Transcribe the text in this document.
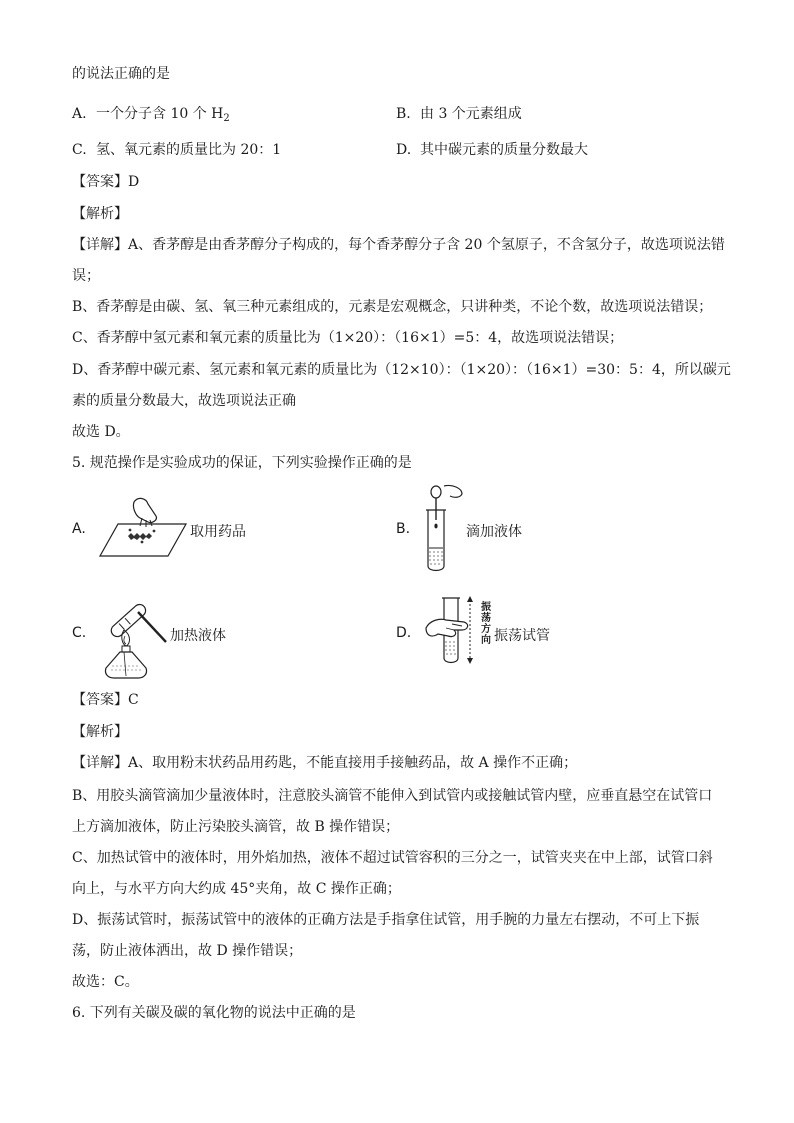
的说法正确的是
A. 一个分子含 10 个 $H_2$	B. 由 3 个元素组成
C. 氢、氧元素的质量比为 20：1	D. 其中碳元素的质量分数最大
【答案】D
【解析】
【详解】A、香茅醇是由香茅醇分子构成的，每个香茅醇分子含 20 个氢原子，不含氢分子，故选项说法错
误；
B、香茅醇是由碳、氢、氧三种元素组成的，元素是宏观概念，只讲种类，不论个数，故选项说法错误；
C、香茅醇中氢元素和氧元素的质量比为（1×20）：（16×1）=5：4，故选项说法错误；
D、香茅醇中碳元素、氢元素和氧元素的质量比为（12×10）：（1×20）：（16×1）=30：5：4，所以碳元
素的质量分数最大，故选项说法正确
故选 D。
5. 规范操作是实验成功的保证，下列实验操作正确的是
A.	取用药品	B.	滴加液体
C.	加热液体	D.
振荡方向 振荡试管
【答案】C
【解析】
【详解】A、取用粉末状药品用药匙，不能直接用手接触药品，故 A 操作不正确；
B、用胶头滴管滴加少量液体时，注意胶头滴管不能伸入到试管内或接触试管内壁，应垂直悬空在试管口
上方滴加液体，防止污染胶头滴管，故 B 操作错误；
C、加热试管中的液体时，用外焰加热，液体不超过试管容积的三分之一，试管夹夹在中上部，试管口斜
向上，与水平方向大约成 45°夹角，故 C 操作正确；
D、振荡试管时，振荡试管中的液体的正确方法是手指拿住试管，用手腕的力量左右摆动，不可上下振
荡，防止液体洒出，故 D 操作错误；
故选：C。
6. 下列有关碳及碳的氧化物的说法中正确的是
